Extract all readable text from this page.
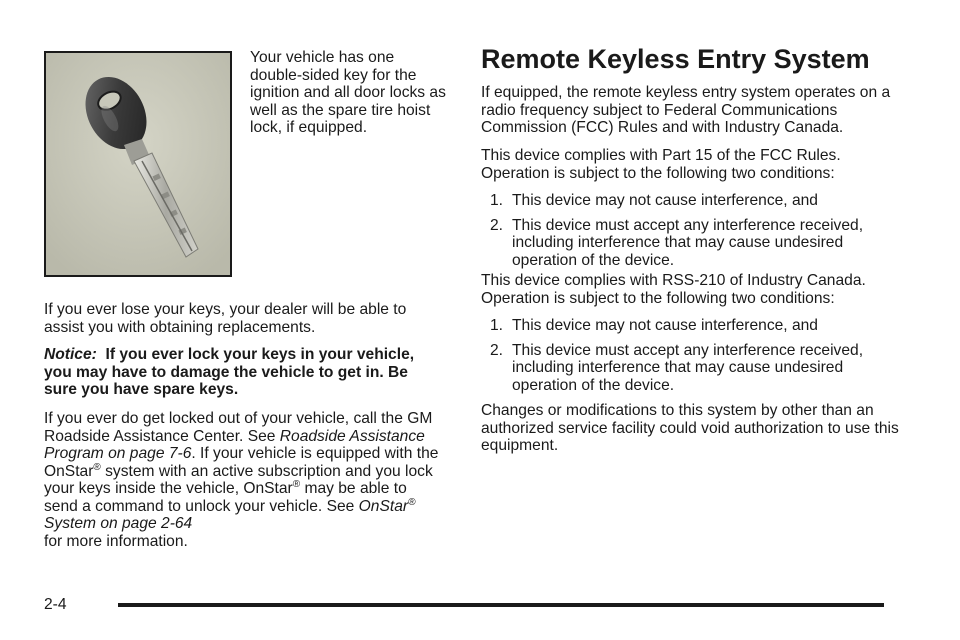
Your vehicle has one double-sided key for the ignition and all door locks as well as the spare tire hoist lock, if equipped.

If you ever lose your keys, your dealer will be able to assist you with obtaining replacements.

Notice: If you ever lock your keys in your vehicle, you may have to damage the vehicle to get in. Be sure you have spare keys.

If you ever do get locked out of your vehicle, call the GM Roadside Assistance Center. See Roadside Assistance Program on page 7-6. If your vehicle is equipped with the OnStar® system with an active subscription and you lock your keys inside the vehicle, OnStar® may be able to send a command to unlock your vehicle. See OnStar® System on page 2-64
for more information.

Remote Keyless Entry System

If equipped, the remote keyless entry system operates on a radio frequency subject to Federal Communications Commission (FCC) Rules and with Industry Canada.

This device complies with Part 15 of the FCC Rules. Operation is subject to the following two conditions:

1. This device may not cause interference, and
2. This device must accept any interference received, including interference that may cause undesired operation of the device.

This device complies with RSS-210 of Industry Canada. Operation is subject to the following two conditions:

1. This device may not cause interference, and
2. This device must accept any interference received, including interference that may cause undesired operation of the device.

Changes or modifications to this system by other than an authorized service facility could void authorization to use this equipment.

2-4
